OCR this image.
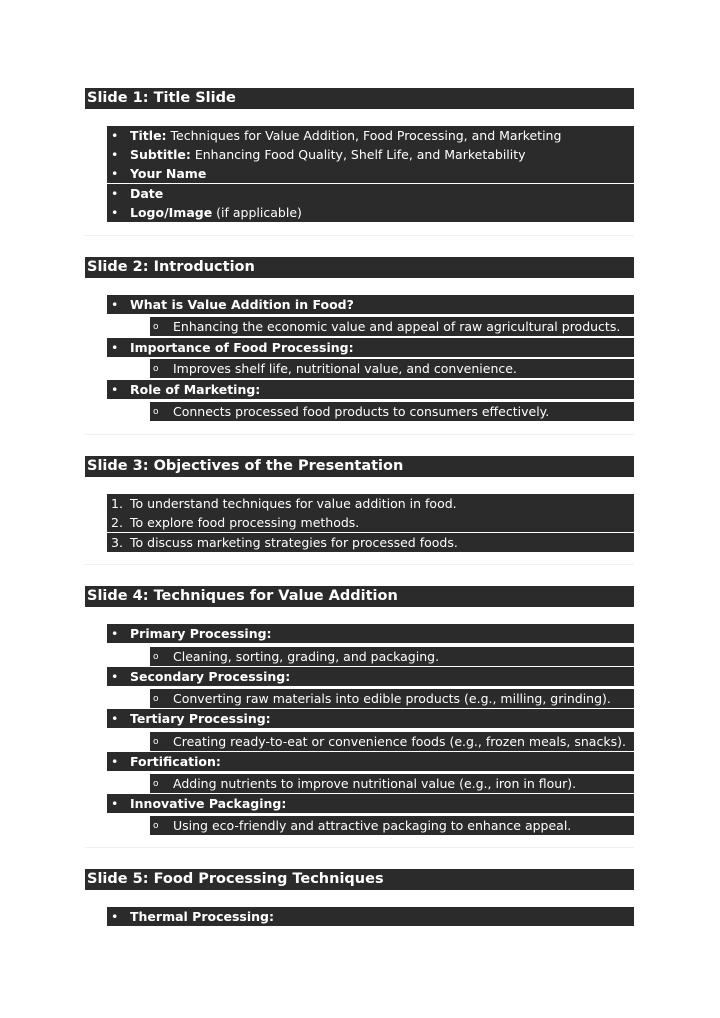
Slide 1: Title Slide
• Title: Techniques for Value Addition, Food Processing, and Marketing
• Subtitle: Enhancing Food Quality, Shelf Life, and Marketability
• Your Name
• Date
• Logo/Image (if applicable)
Slide 2: Introduction
• What is Value Addition in Food?
o Enhancing the economic value and appeal of raw agricultural products.
• Importance of Food Processing:
o Improves shelf life, nutritional value, and convenience.
• Role of Marketing:
o Connects processed food products to consumers effectively.
Slide 3: Objectives of the Presentation
1. To understand techniques for value addition in food.
2. To explore food processing methods.
3. To discuss marketing strategies for processed foods.
Slide 4: Techniques for Value Addition
• Primary Processing:
o Cleaning, sorting, grading, and packaging.
• Secondary Processing:
o Converting raw materials into edible products (e.g., milling, grinding).
• Tertiary Processing:
o Creating ready-to-eat or convenience foods (e.g., frozen meals, snacks).
• Fortification:
o Adding nutrients to improve nutritional value (e.g., iron in flour).
• Innovative Packaging:
o Using eco-friendly and attractive packaging to enhance appeal.
Slide 5: Food Processing Techniques
• Thermal Processing:
